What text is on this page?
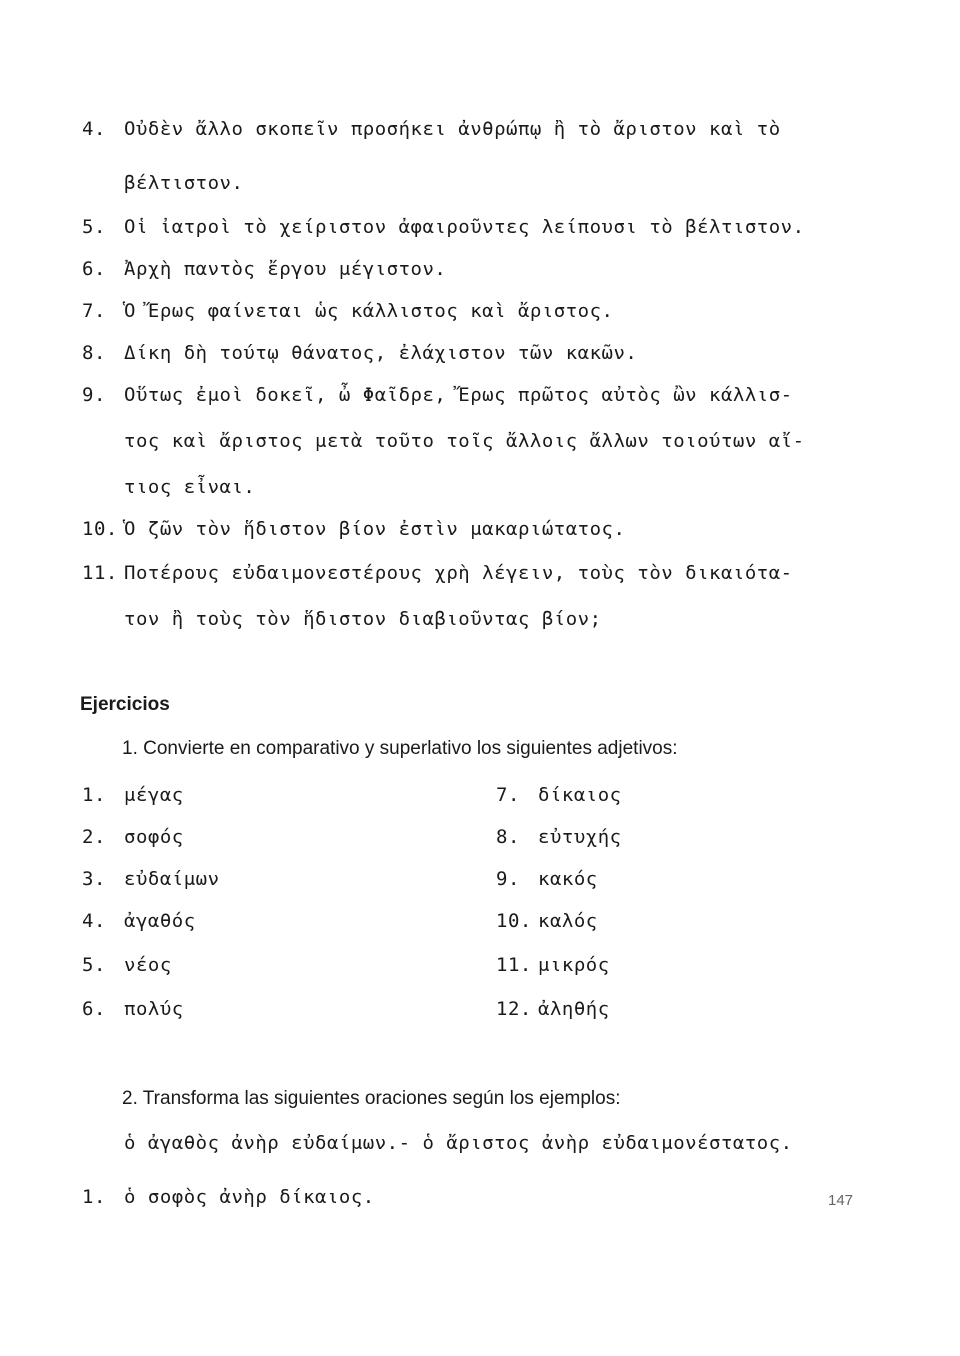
4. Οὐδὲν ἄλλο σκοπεῖν προσήκει ἀνθρώπῳ ἢ τὸ ἄριστον καὶ τὸ
βέλτιστον.
5. Οἱ ἰατροὶ τὸ χείριστον ἀφαιροῦντες λείπουσι τὸ βέλτιστον.
6. Ἀρχὴ παντὸς ἔργου μέγιστον.
7. Ὁ Ἔρως φαίνεται ὡς κάλλιστος καὶ ἄριστος.
8. Δίκη δὴ τούτῳ θάνατος, ἐλάχιστον τῶν κακῶν.
9. Οὕτως ἐμοὶ δοκεῖ, ὦ Φαῖδρε, Ἔρως πρῶτος αὐτὸς ὢν κάλλισ-
τος καὶ ἄριστος μετὰ τοῦτο τοῖς ἄλλοις ἄλλων τοιούτων αἴ-
τιος εἶναι.
10. Ὁ ζῶν τὸν ἥδιστον βίον ἐστὶν μακαριώτατος.
11. Ποτέρους εὐδαιμονεστέρους χρὴ λέγειν, τοὺς τὸν δικαιότα-
τον ἢ τοὺς τὸν ἥδιστον διαβιοῦντας βίον;
Ejercicios
1. Convierte en comparativo y superlativo los siguientes adjetivos:
1. μέγας
2. σοφός
3. εὐδαίμων
4. ἀγαθός
5. νέος
6. πολύς
7. δίκαιος
8. εὐτυχής
9. κακός
10. καλός
11. μικρός
12. ἀληθής
2. Transforma las siguientes oraciones según los ejemplos:
ὁ ἀγαθὸς ἀνὴρ εὐδαίμων.- ὁ ἄριστος ἀνὴρ εὐδαιμονέστατος.
1. ὁ σοφὸς ἀνὴρ δίκαιος.	147
